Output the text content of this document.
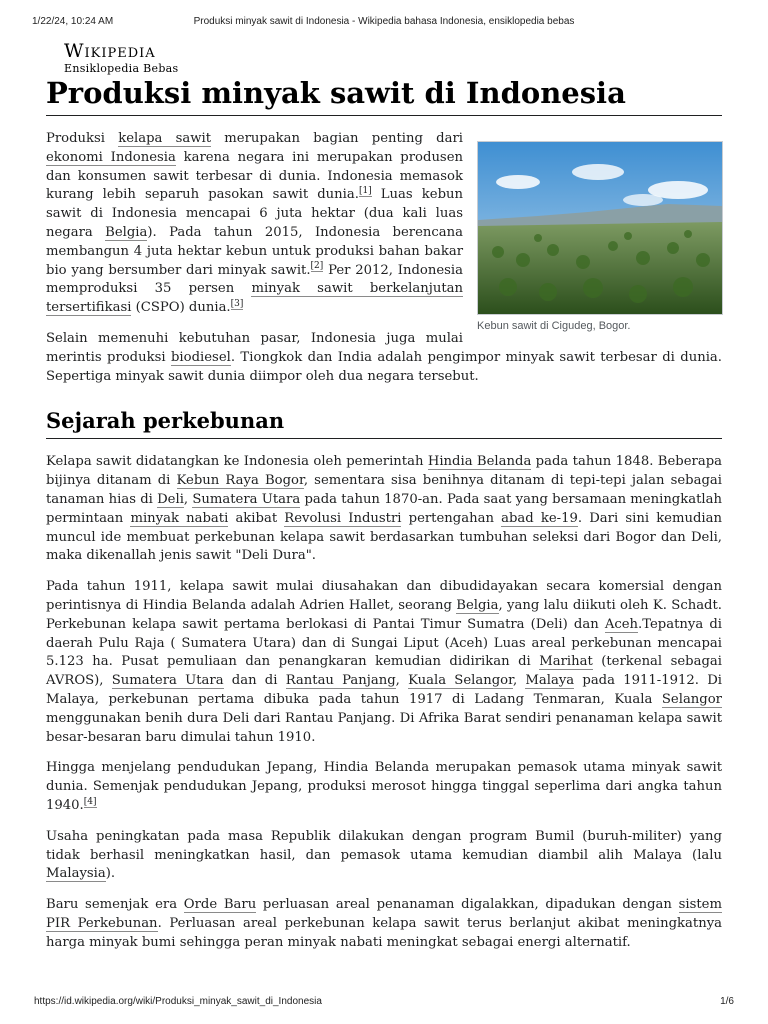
1/22/24, 10:24 AM	Produksi minyak sawit di Indonesia - Wikipedia bahasa Indonesia, ensiklopedia bebas
Wikipedia
Ensiklopedia Bebas
Produksi minyak sawit di Indonesia
Kebun sawit di Cigudeg, Bogor.

Produksi kelapa sawit merupakan bagian penting dari ekonomi Indonesia karena negara ini merupakan produsen dan konsumen sawit terbesar di dunia. Indonesia memasok kurang lebih separuh pasokan sawit dunia.[1] Luas kebun sawit di Indonesia mencapai 6 juta hektar (dua kali luas negara Belgia). Pada tahun 2015, Indonesia berencana membangun 4 juta hektar kebun untuk produksi bahan bakar bio yang bersumber dari minyak sawit.[2] Per 2012, Indonesia memproduksi 35 persen minyak sawit berkelanjutan tersertifikasi (CSPO) dunia.[3]

Selain memenuhi kebutuhan pasar, Indonesia juga mulai merintis produksi biodiesel. Tiongkok dan India adalah pengimpor minyak sawit terbesar di dunia. Sepertiga minyak sawit dunia diimpor oleh dua negara tersebut.

Sejarah perkebunan

Kelapa sawit didatangkan ke Indonesia oleh pemerintah Hindia Belanda pada tahun 1848. Beberapa bijinya ditanam di Kebun Raya Bogor, sementara sisa benihnya ditanam di tepi-tepi jalan sebagai tanaman hias di Deli, Sumatera Utara pada tahun 1870-an. Pada saat yang bersamaan meningkatlah permintaan minyak nabati akibat Revolusi Industri pertengahan abad ke-19. Dari sini kemudian muncul ide membuat perkebunan kelapa sawit berdasarkan tumbuhan seleksi dari Bogor dan Deli, maka dikenallah jenis sawit "Deli Dura".

Pada tahun 1911, kelapa sawit mulai diusahakan dan dibudidayakan secara komersial dengan perintisnya di Hindia Belanda adalah Adrien Hallet, seorang Belgia, yang lalu diikuti oleh K. Schadt. Perkebunan kelapa sawit pertama berlokasi di Pantai Timur Sumatra (Deli) dan Aceh.Tepatnya di daerah Pulu Raja ( Sumatera Utara) dan di Sungai Liput (Aceh) Luas areal perkebunan mencapai 5.123 ha. Pusat pemuliaan dan penangkaran kemudian didirikan di Marihat (terkenal sebagai AVROS), Sumatera Utara dan di Rantau Panjang, Kuala Selangor, Malaya pada 1911-1912. Di Malaya, perkebunan pertama dibuka pada tahun 1917 di Ladang Tenmaran, Kuala Selangor menggunakan benih dura Deli dari Rantau Panjang. Di Afrika Barat sendiri penanaman kelapa sawit besar-besaran baru dimulai tahun 1910.

Hingga menjelang pendudukan Jepang, Hindia Belanda merupakan pemasok utama minyak sawit dunia. Semenjak pendudukan Jepang, produksi merosot hingga tinggal seperlima dari angka tahun 1940.[4]

Usaha peningkatan pada masa Republik dilakukan dengan program Bumil (buruh-militer) yang tidak berhasil meningkatkan hasil, dan pemasok utama kemudian diambil alih Malaya (lalu Malaysia).

Baru semenjak era Orde Baru perluasan areal penanaman digalakkan, dipadukan dengan sistem PIR Perkebunan. Perluasan areal perkebunan kelapa sawit terus berlanjut akibat meningkatnya harga minyak bumi sehingga peran minyak nabati meningkat sebagai energi alternatif.

https://id.wikipedia.org/wiki/Produksi_minyak_sawit_di_Indonesia	1/6
